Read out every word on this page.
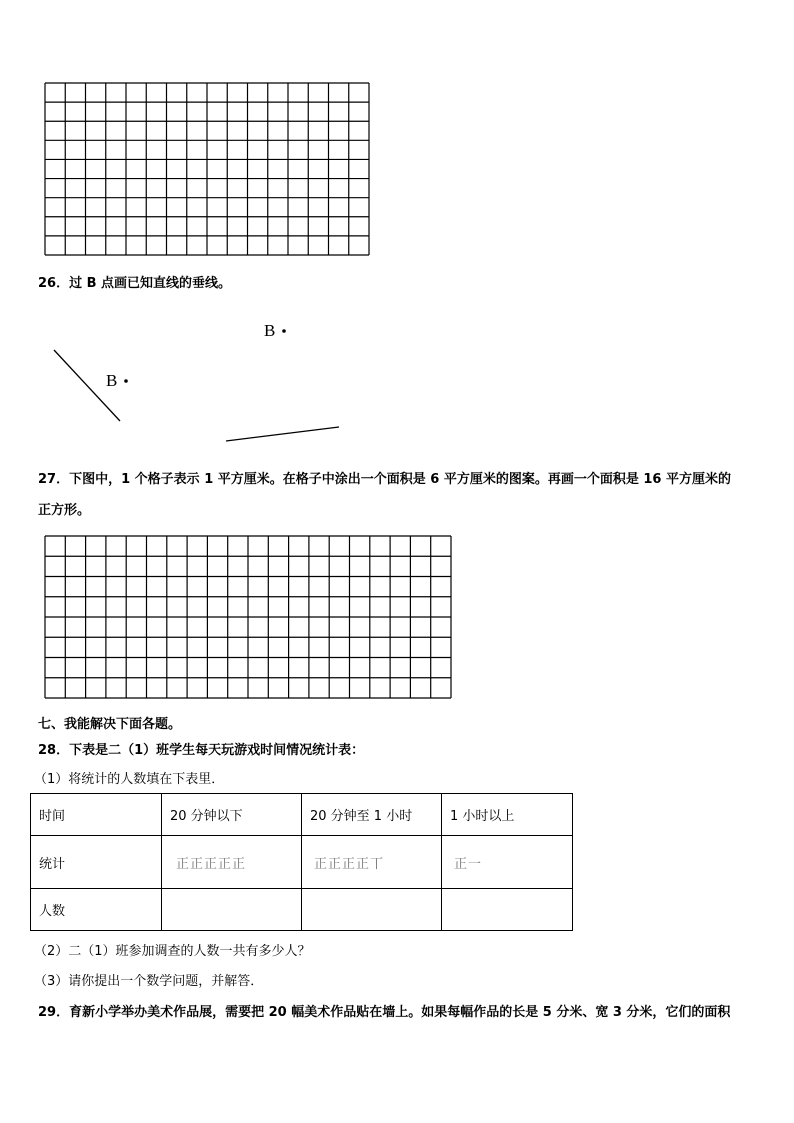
26．过 B 点画已知直线的垂线。
B
B
27．下图中，1 个格子表示 1 平方厘米。在格子中涂出一个面积是 6 平方厘米的图案。再画一个面积是 16 平方厘米的
正方形。
七、我能解决下面各题。
28．下表是二（1）班学生每天玩游戏时间情况统计表：
（1）将统计的人数填在下表里．
时间	20 分钟以下	20 分钟至 1 小时	1 小时以上
统计	正正正正正	正正正正丅	正一
人数			
（2）二（1）班参加调查的人数一共有多少人？
（3）请你提出一个数学问题，并解答．
29．育新小学举办美术作品展，需要把 20 幅美术作品贴在墙上。如果每幅作品的长是 5 分米、宽 3 分米，它们的面积
